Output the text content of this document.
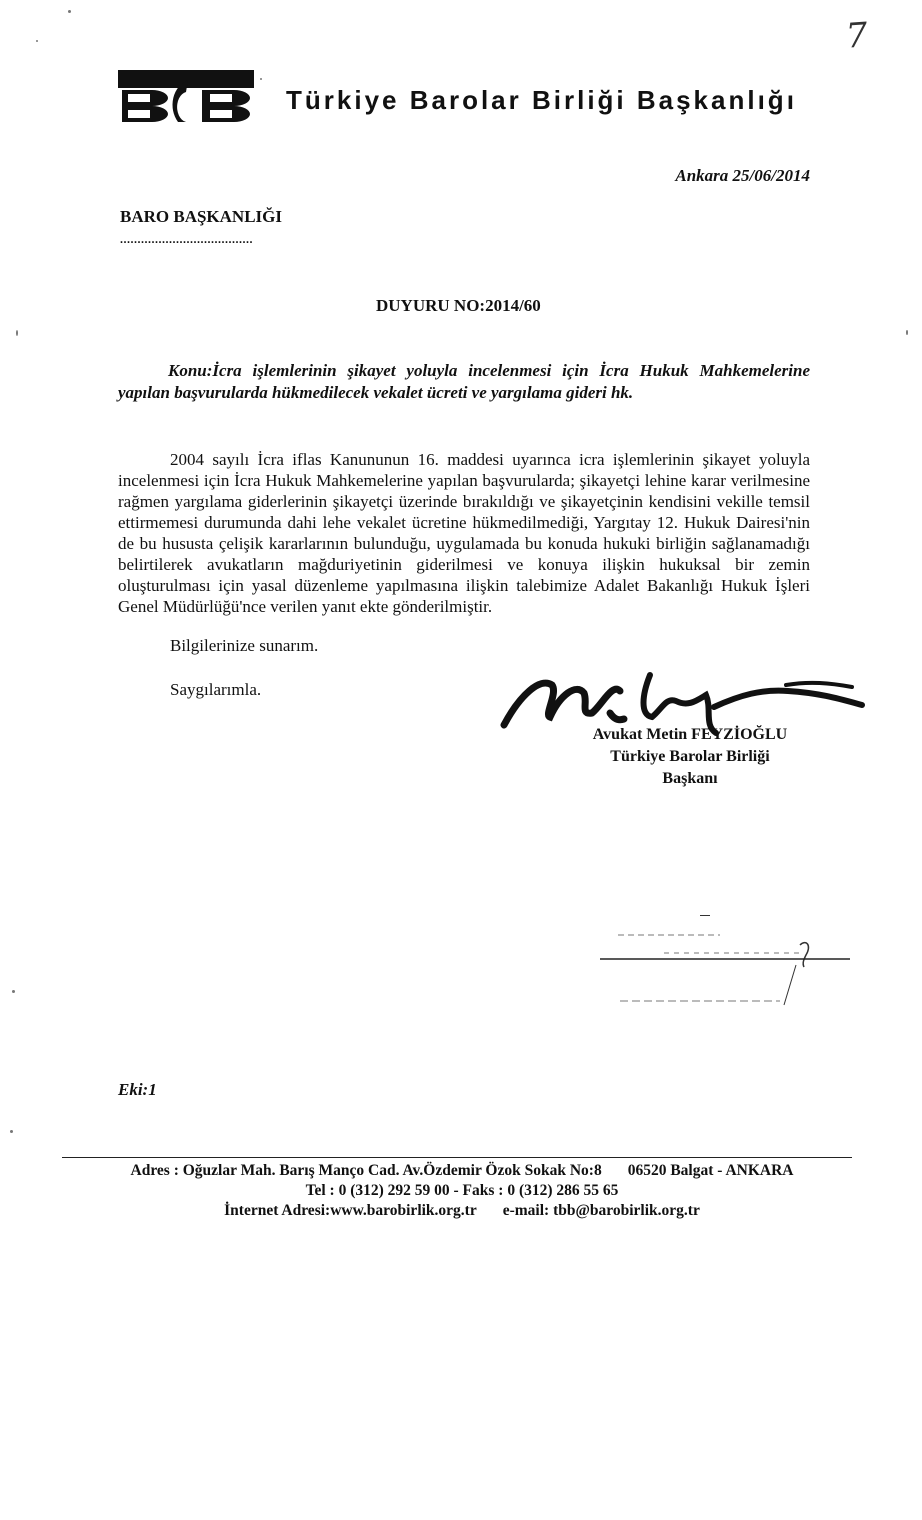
7
Türkiye Barolar Birliği Başkanlığı
Ankara 25/06/2014
BARO BAŞKANLIĞI
......................................
DUYURU NO:2014/60
Konu:İcra işlemlerinin şikayet yoluyla incelenmesi için İcra Hukuk Mahkemelerine yapılan başvurularda hükmedilecek vekalet ücreti ve yargılama gideri hk.
2004 sayılı İcra iflas Kanununun 16. maddesi uyarınca icra işlemlerinin şikayet yoluyla incelenmesi için İcra Hukuk Mahkemelerine yapılan başvurularda; şikayetçi lehine karar verilmesine rağmen yargılama giderlerinin şikayetçi üzerinde bırakıldığı ve şikayetçinin kendisini vekille temsil ettirmemesi durumunda dahi lehe vekalet ücretine hükmedilmediği, Yargıtay 12. Hukuk Dairesi'nin de bu hususta çelişik kararlarının bulunduğu, uygulamada bu konuda hukuki birliğin sağlanamadığı belirtilerek avukatların mağduriyetinin giderilmesi ve konuya ilişkin hukuksal bir zemin oluşturulması için yasal düzenleme yapılmasına ilişkin talebimize Adalet Bakanlığı Hukuk İşleri Genel Müdürlüğü'nce verilen yanıt ekte gönderilmiştir.
Bilgilerinize sunarım.
Saygılarımla.
Avukat Metin FEYZİOĞLU
Türkiye Barolar Birliği
Başkanı
Eki:1
Adres : Oğuzlar Mah. Barış Manço Cad. Av.Özdemir Özok Sokak No:8 06520 Balgat - ANKARA
Tel : 0 (312) 292 59 00 - Faks : 0 (312) 286 55 65
İnternet Adresi:www.barobirlik.org.tr e-mail: tbb@barobirlik.org.tr
